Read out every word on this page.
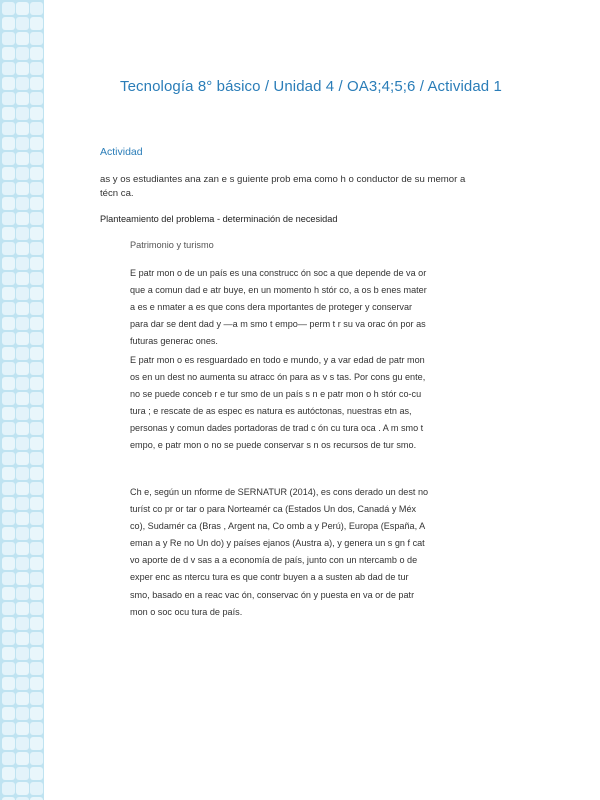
Tecnología 8° básico / Unidad 4 / OA3;4;5;6 / Actividad 1
Actividad
as y os estudiantes ana zan e s guiente prob ema como h o conductor de su memor a técn ca.
Planteamiento del problema - determinación de necesidad
Patrimonio y turismo
E patr mon o de un país es una construcc ón soc a que depende de va or que a comun dad e atr buye, en un momento h stór co, a os b enes mater a es e nmater a es que cons dera mportantes de proteger y conservar para dar se dent dad y —a m smo t empo— perm t r su va orac ón por as futuras generac ones.
E patr mon o es resguardado en todo e mundo, y a var edad de patr mon os en un dest no aumenta su atracc ón para as v s tas. Por cons gu ente, no se puede conceb r e tur smo de un país s n e patr mon o h stór co-cu tura ; e rescate de as espec es natura es autóctonas, nuestras etn as, personas y comun dades portadoras de trad c ón cu tura oca . A m smo t empo, e patr mon o no se puede conservar s n os recursos de tur smo.
Ch e, según un nforme de SERNATUR (2014), es cons derado un dest no turíst co pr or tar o para Norteamér ca (Estados Un dos, Canadá y Méx co), Sudamér ca (Bras , Argent na, Co omb a y Perú), Europa (España, A eman a y Re no Un do) y países ejanos (Austra a), y genera un s gn f cat vo aporte de d v sas a a economía de país, junto con un ntercamb o de exper enc as ntercu tura es que contr buyen a a susten ab dad de tur smo, basado en a reac vac ón, conservac ón y puesta en va or de patr mon o soc ocu tura de país.
